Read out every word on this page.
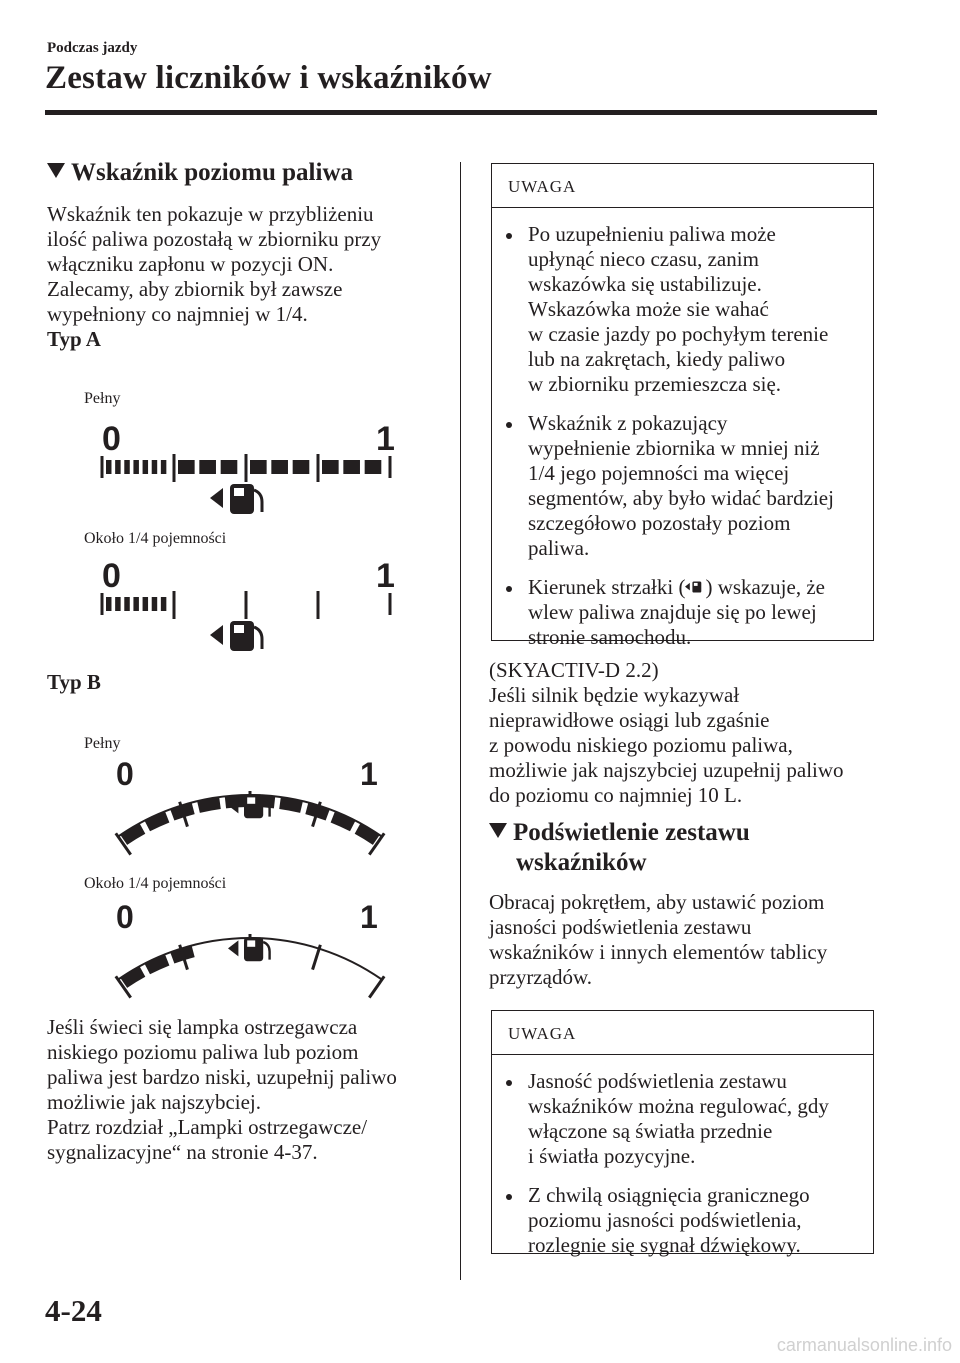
Podczas jazdy
Zestaw liczników i wskaźników
Wskaźnik poziomu paliwa
Wskaźnik ten pokazuje w przybliżeniu
ilość paliwa pozostałą w zbiorniku przy
włączniku zapłonu w pozycji ON.
Zalecamy, aby zbiornik był zawsze
wypełniony co najmniej w 1/4.
Typ A
Pełny
0	1
Około 1/4 pojemności
0	1
Typ B
Pełny
0	1
Około 1/4 pojemności
0	1
Jeśli świeci się lampka ostrzegawcza
niskiego poziomu paliwa lub poziom
paliwa jest bardzo niski, uzupełnij paliwo
możliwie jak najszybciej.
Patrz rozdział „Lampki ostrzegawcze/
sygnalizacyjne“ na stronie 4-37.
UWAGA
Po uzupełnieniu paliwa może
upłynąć nieco czasu, zanim
wskazówka się ustabilizuje.
Wskazówka może sie wahać
w czasie jazdy po pochyłym terenie
lub na zakrętach, kiedy paliwo
w zbiorniku przemieszcza się.
Wskaźnik z pokazujący
wypełnienie zbiornika w mniej niż
1/4 jego pojemności ma więcej
segmentów, aby było widać bardziej
szczegółowo pozostały poziom
paliwa.
Kierunek strzałki ( ) wskazuje, że
wlew paliwa znajduje się po lewej
stronie samochodu.
(SKYACTIV-D 2.2)
Jeśli silnik będzie wykazywał
nieprawidłowe osiągi lub zgaśnie
z powodu niskiego poziomu paliwa,
możliwie jak najszybciej uzupełnij paliwo
do poziomu co najmniej 10 L.
Podświetlenie zestawu
wskaźników
Obracaj pokrętłem, aby ustawić poziom
jasności podświetlenia zestawu
wskaźników i innych elementów tablicy
przyrządów.
UWAGA
Jasność podświetlenia zestawu
wskaźników można regulować, gdy
włączone są światła przednie
i światła pozycyjne.
Z chwilą osiągnięcia granicznego
poziomu jasności podświetlenia,
rozlegnie się sygnał dźwiękowy.
4-24
carmanualsonline.info
